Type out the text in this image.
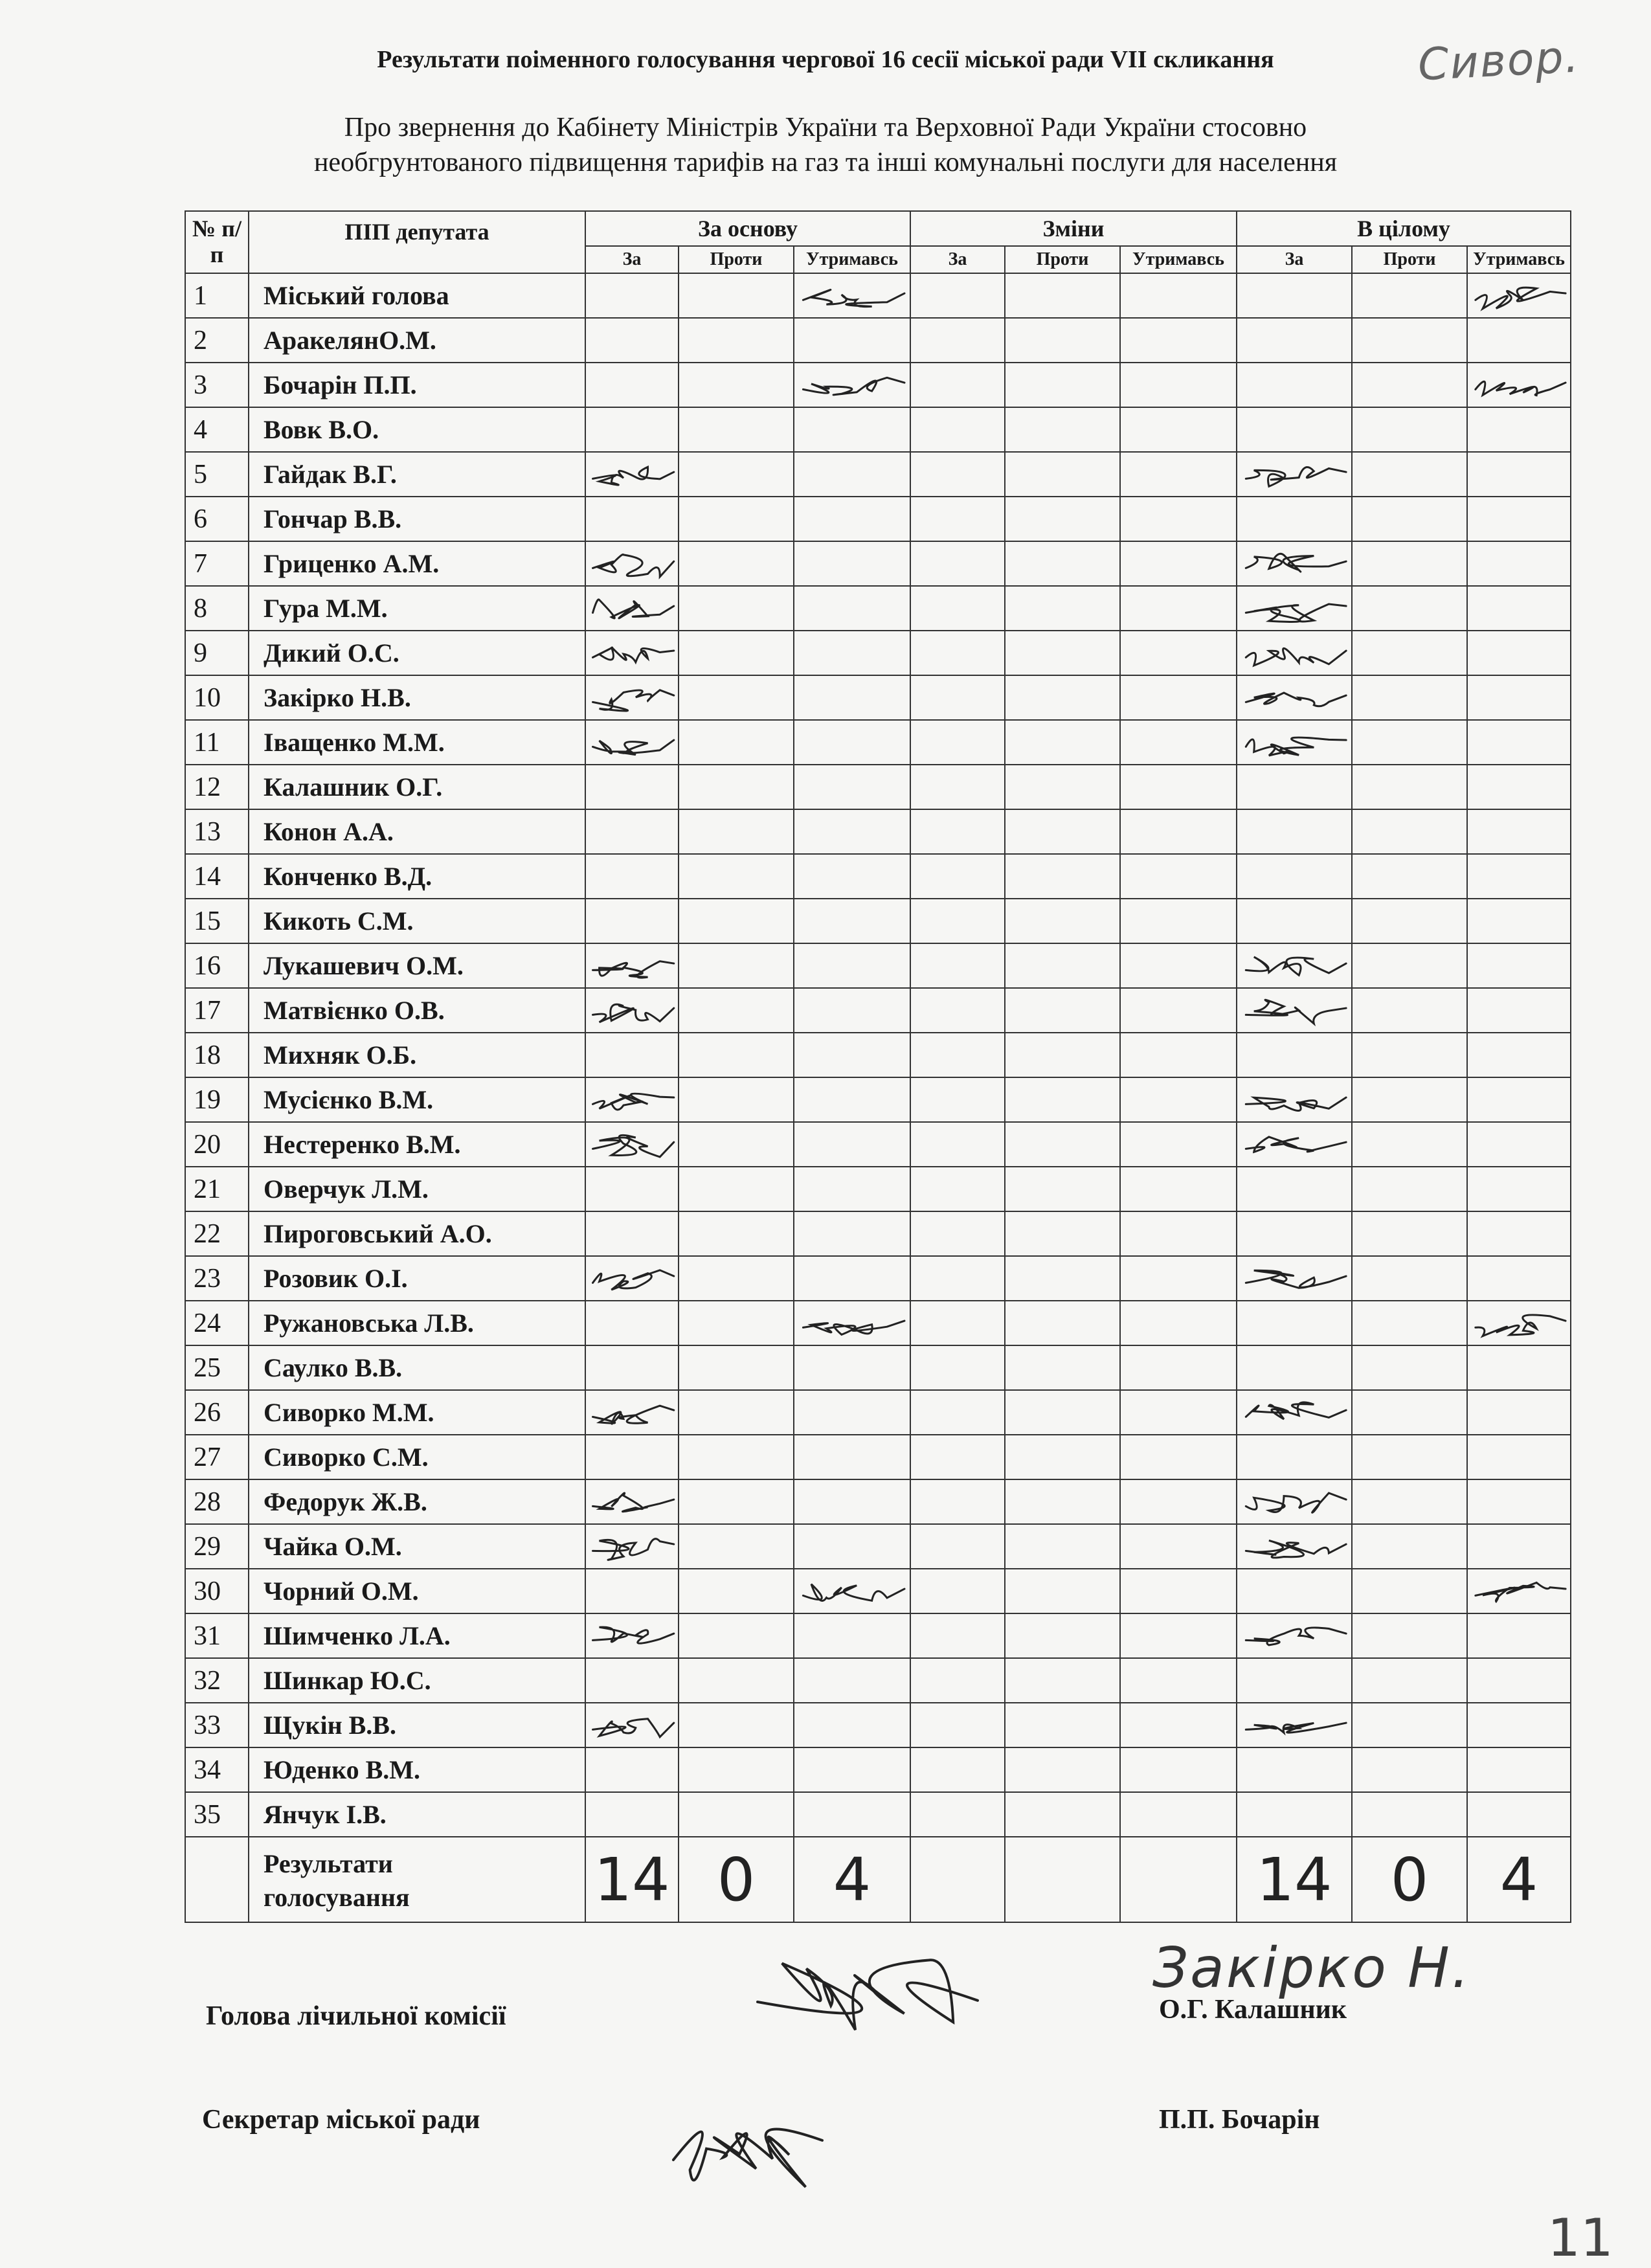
Результати поіменного голосування чергової 16 сесії міської ради VII скликання	Сивор.
Про звернення до Кабінету Міністрів України та Верховної Ради України стосовно
необгрунтованого підвищення тарифів на газ та інші комунальні послуги для населення
№ п/п	ПІП депутата	За основу			Зміни			В цілому		
		За	Проти	Утримавсь	За	Проти	Утримавсь	За	Проти	Утримавсь
1	Міський голова									
2	АракелянО.М.									
3	Бочарін П.П.									
4	Вовк В.О.									
5	Гайдак В.Г.									
6	Гончар В.В.									
7	Гриценко А.М.									
8	Гура М.М.									
9	Дикий О.С.									
10	Закірко Н.В.									
11	Іващенко М.М.									
12	Калашник О.Г.									
13	Конон А.А.									
14	Конченко В.Д.									
15	Кикоть С.М.									
16	Лукашевич О.М.									
17	Матвієнко О.В.									
18	Михняк О.Б.									
19	Мусієнко В.М.									
20	Нестеренко В.М.									
21	Оверчук Л.М.									
22	Пироговський А.О.									
23	Розовик О.І.									
24	Ружановська Л.В.									
25	Саулко В.В.									
26	Сиворко М.М.									
27	Сиворко С.М.									
28	Федорук Ж.В.									
29	Чайка О.М.									
30	Чорний О.М.									
31	Шимченко Л.А.									
32	Шинкар Ю.С.									
33	Щукін В.В.									
34	Юденко В.М.									
35	Янчук І.В.									

	Результати
голосування	14	0	4				14	0	4
Голова лічильної комісії	О.Г. Калашник
Закірко Н.
Секретар міської ради	П.П. Бочарін
11
